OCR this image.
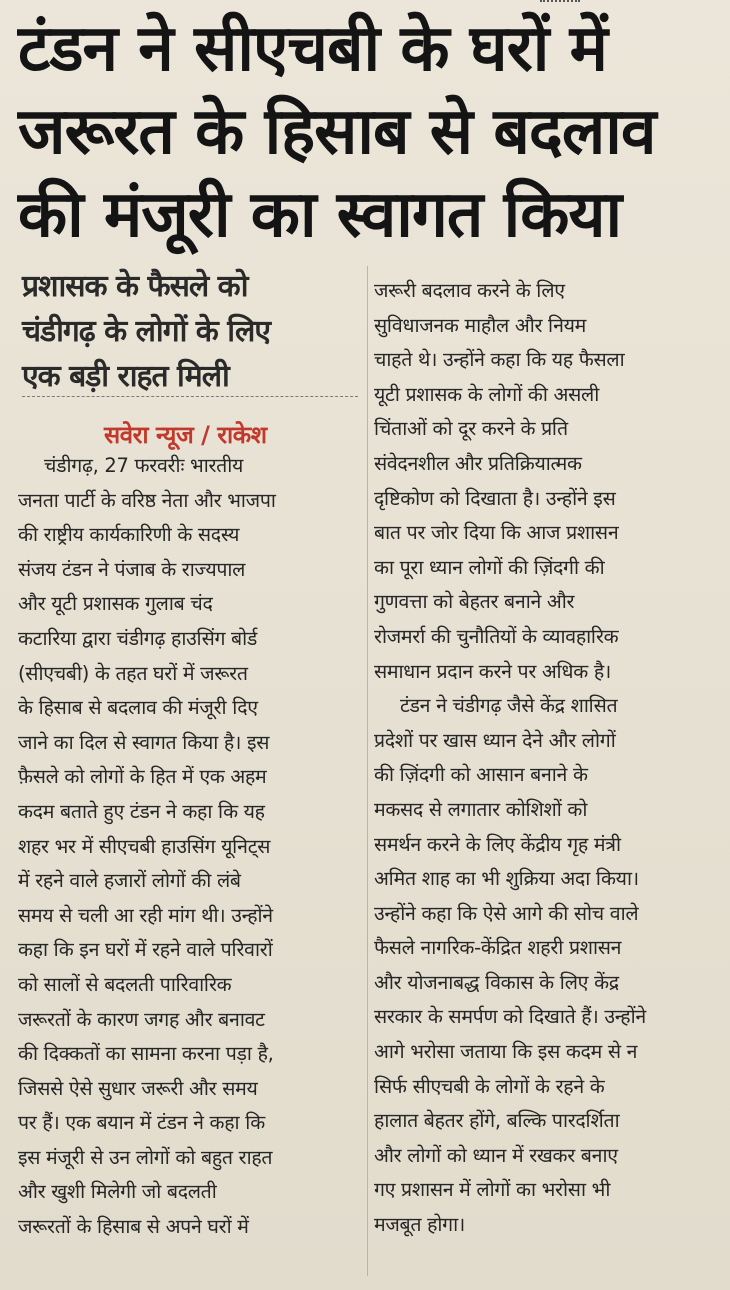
टंडन ने सीएचबी के घरों में
जरूरत के हिसाब से बदलाव
की मंजूरी का स्वागत किया
प्रशासक के फैसले को
चंडीगढ़ के लोगों के लिए
एक बड़ी राहत मिली
सवेरा न्यूज / राकेश
चंडीगढ़, 27 फरवरीः भारतीय
जनता पार्टी के वरिष्ठ नेता और भाजपा
की राष्ट्रीय कार्यकारिणी के सदस्य
संजय टंडन ने पंजाब के राज्यपाल
और यूटी प्रशासक गुलाब चंद
कटारिया द्वारा चंडीगढ़ हाउसिंग बोर्ड
(सीएचबी) के तहत घरों में जरूरत
के हिसाब से बदलाव की मंजूरी दिए
जाने का दिल से स्वागत किया है। इस
फ़ैसले को लोगों के हित में एक अहम
कदम बताते हुए टंडन ने कहा कि यह
शहर भर में सीएचबी हाउसिंग यूनिट्स
में रहने वाले हजारों लोगों की लंबे
समय से चली आ रही मांग थी। उन्होंने
कहा कि इन घरों में रहने वाले परिवारों
को सालों से बदलती पारिवारिक
जरूरतों के कारण जगह और बनावट
की दिक्कतों का सामना करना पड़ा है,
जिससे ऐसे सुधार जरूरी और समय
पर हैं। एक बयान में टंडन ने कहा कि
इस मंजूरी से उन लोगों को बहुत राहत
और खुशी मिलेगी जो बदलती
जरूरतों के हिसाब से अपने घरों में
जरूरी बदलाव करने के लिए
सुविधाजनक माहौल और नियम
चाहते थे। उन्होंने कहा कि यह फैसला
यूटी प्रशासक के लोगों की असली
चिंताओं को दूर करने के प्रति
संवेदनशील और प्रतिक्रियात्मक
दृष्टिकोण को दिखाता है। उन्होंने इस
बात पर जोर दिया कि आज प्रशासन
का पूरा ध्यान लोगों की ज़िंदगी की
गुणवत्ता को बेहतर बनाने और
रोजमर्रा की चुनौतियों के व्यावहारिक
समाधान प्रदान करने पर अधिक है।
टंडन ने चंडीगढ़ जैसे केंद्र शासित
प्रदेशों पर खास ध्यान देने और लोगों
की ज़िंदगी को आसान बनाने के
मकसद से लगातार कोशिशों को
समर्थन करने के लिए केंद्रीय गृह मंत्री
अमित शाह का भी शुक्रिया अदा किया।
उन्होंने कहा कि ऐसे आगे की सोच वाले
फैसले नागरिक-केंद्रित शहरी प्रशासन
और योजनाबद्ध विकास के लिए केंद्र
सरकार के समर्पण को दिखाते हैं। उन्होंने
आगे भरोसा जताया कि इस कदम से न
सिर्फ सीएचबी के लोगों के रहने के
हालात बेहतर होंगे, बल्कि पारदर्शिता
और लोगों को ध्यान में रखकर बनाए
गए प्रशासन में लोगों का भरोसा भी
मजबूत होगा।
